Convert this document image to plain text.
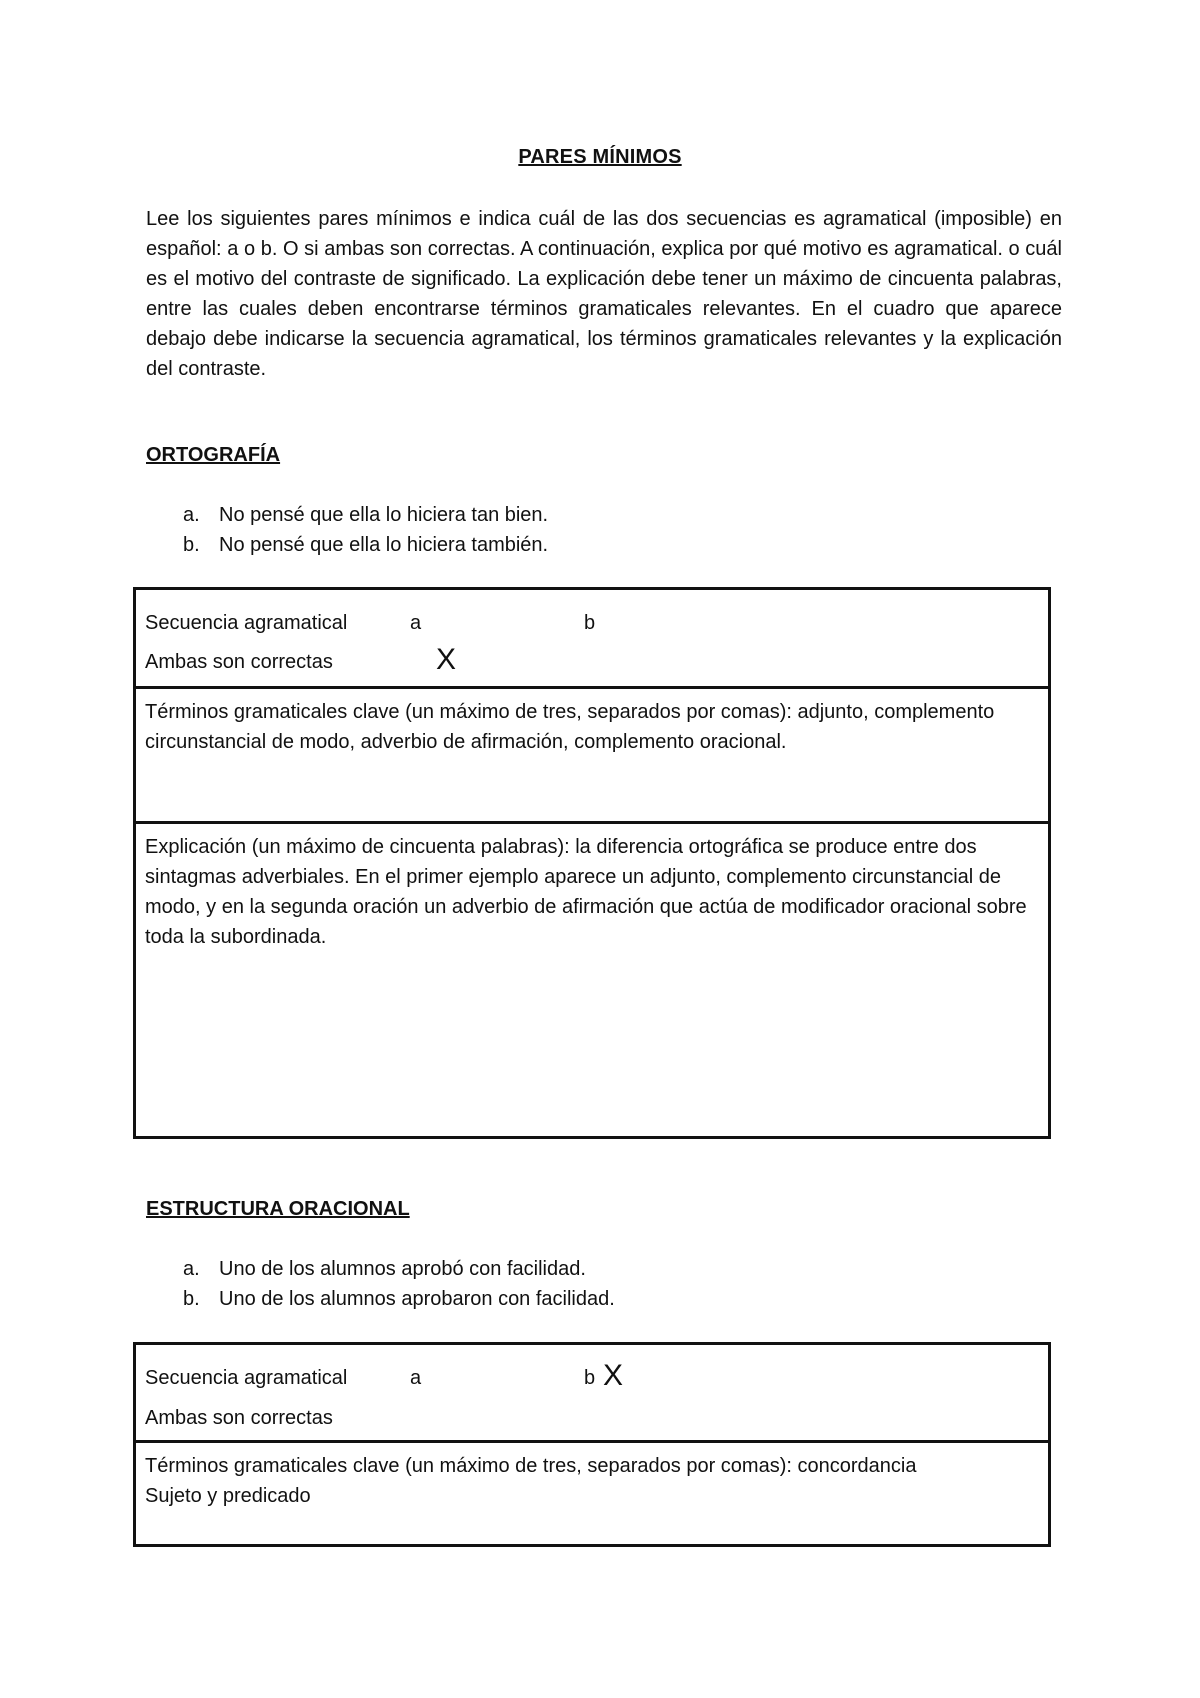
PARES MÍNIMOS

Lee los siguientes pares mínimos e indica cuál de las dos secuencias es agramatical (imposible) en español: a o b. O si ambas son correctas. A continuación, explica por qué motivo es agramatical. o cuál es el motivo del contraste de significado. La explicación debe tener un máximo de cincuenta palabras, entre las cuales deben encontrarse términos gramaticales relevantes. En el cuadro que aparece debajo debe indicarse la secuencia agramatical, los términos gramaticales relevantes y la explicación del contraste.

ORTOGRAFÍA

a. No pensé que ella lo hiciera tan bien.
b. No pensé que ella lo hiciera también.
Secuencia agramatical	a	b
Ambas son correctas	X

Términos gramaticales clave (un máximo de tres, separados por comas): adjunto, complemento circunstancial de modo, adverbio de afirmación, complemento oracional.

Explicación (un máximo de cincuenta palabras): la diferencia ortográfica se produce entre dos sintagmas adverbiales. En el primer ejemplo aparece un adjunto, complemento circunstancial de modo, y en la segunda oración un adverbio de afirmación que actúa de modificador oracional sobre toda la subordinada.

ESTRUCTURA ORACIONAL

a. Uno de los alumnos aprobó con facilidad.
b. Uno de los alumnos aprobaron con facilidad.
Secuencia agramatical	a	b X
Ambas son correctas

Términos gramaticales clave (un máximo de tres, separados por comas): concordancia

Sujeto y predicado
